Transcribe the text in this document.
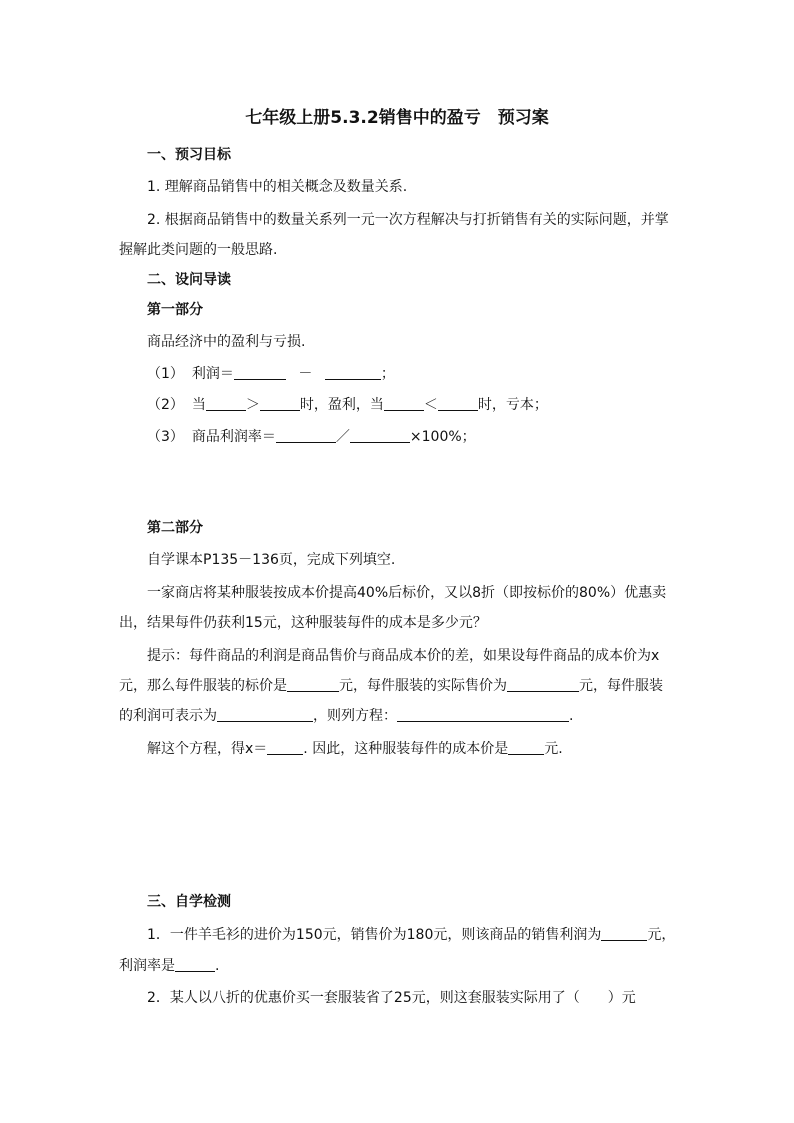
七年级上册5.3.2销售中的盈亏　预习案
一、预习目标
1. 理解商品销售中的相关概念及数量关系.
2. 根据商品销售中的数量关系列一元一次方程解决与打折销售有关的实际问题，并掌
握解此类问题的一般思路.
二、设问导读
第一部分
商品经济中的盈利与亏损.
（1） 利润＝	－	；
（2） 当	＞	时，盈利，当	＜	时，亏本；
（3） 商品利润率＝	／	×100%；
第二部分
自学课本P135－136页，完成下列填空.
一家商店将某种服装按成本价提高40%后标价，又以8折（即按标价的80%）优惠卖
出，结果每件仍获利15元，这种服装每件的成本是多少元？
提示：每件商品的利润是商品售价与商品成本价的差，如果设每件商品的成本价为x
元，那么每件服装的标价是	元，每件服装的实际售价为	元，每件服装
的利润可表示为	，则列方程：	.
解这个方程，得x＝	. 因此，这种服装每件的成本价是	元.
三、自学检测
1．一件羊毛衫的进价为150元，销售价为180元，则该商品的销售利润为	元，
利润率是	.
2．某人以八折的优惠价买一套服装省了25元，则这套服装实际用了（　　）元
